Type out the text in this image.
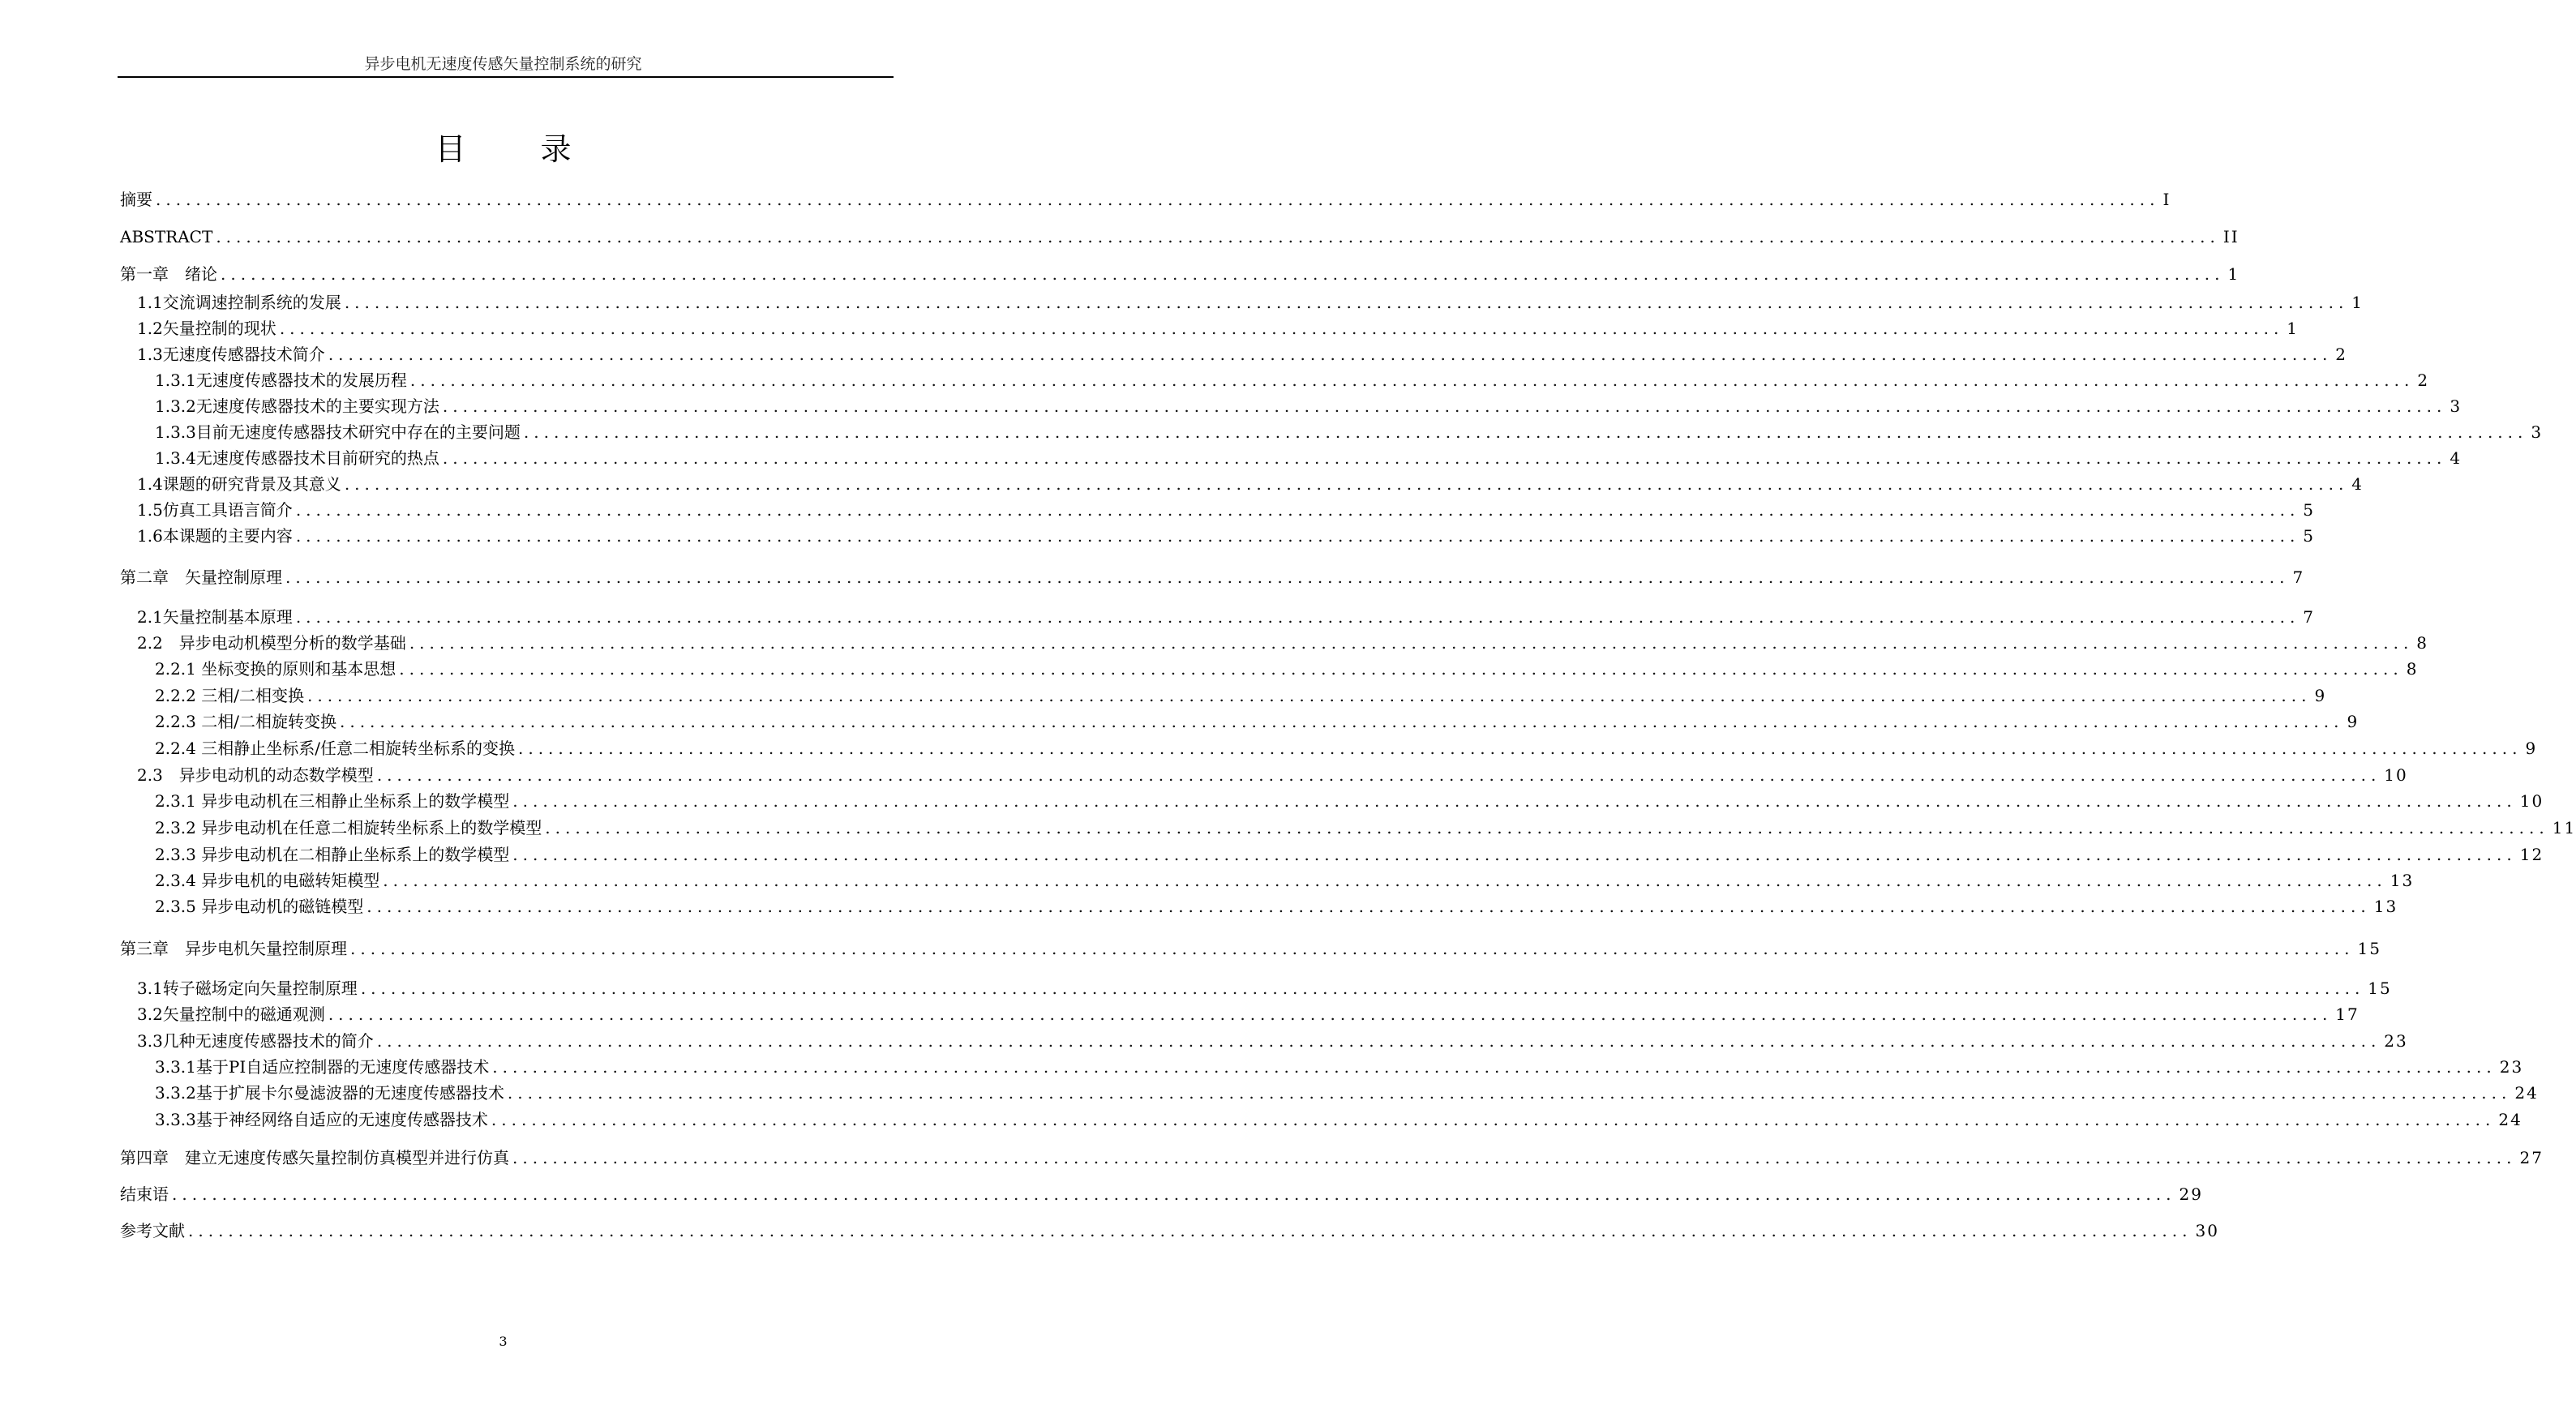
异步电机无速度传感矢量控制系统的研究
目 录
摘要 ........................................................................................................................................................................................................ I
ABSTRACT ........................................................................................................................................................................................................ II
第一章　绪论 ........................................................................................................................................................................................................ 1
1.1交流调速控制系统的发展 ........................................................................................................................................................................................................ 1
1.2矢量控制的现状 ........................................................................................................................................................................................................ 1
1.3无速度传感器技术简介 ........................................................................................................................................................................................................ 2
1.3.1无速度传感器技术的发展历程 ........................................................................................................................................................................................................ 2
1.3.2无速度传感器技术的主要实现方法 ........................................................................................................................................................................................................ 3
1.3.3目前无速度传感器技术研究中存在的主要问题 ........................................................................................................................................................................................................ 3
1.3.4无速度传感器技术目前研究的热点 ........................................................................................................................................................................................................ 4
1.4课题的研究背景及其意义 ........................................................................................................................................................................................................ 4
1.5仿真工具语言简介 ........................................................................................................................................................................................................ 5
1.6本课题的主要内容 ........................................................................................................................................................................................................ 5
第二章　矢量控制原理 ........................................................................................................................................................................................................ 7
2.1矢量控制基本原理 ........................................................................................................................................................................................................ 7
2.2　异步电动机模型分析的数学基础 ........................................................................................................................................................................................................ 8
2.2.1 坐标变换的原则和基本思想 ........................................................................................................................................................................................................ 8
2.2.2 三相/二相变换 ........................................................................................................................................................................................................ 9
2.2.3 二相/二相旋转变换 ........................................................................................................................................................................................................ 9
2.2.4 三相静止坐标系/任意二相旋转坐标系的变换 ........................................................................................................................................................................................................ 9
2.3　异步电动机的动态数学模型 ........................................................................................................................................................................................................ 10
2.3.1 异步电动机在三相静止坐标系上的数学模型 ........................................................................................................................................................................................................ 10
2.3.2 异步电动机在任意二相旋转坐标系上的数学模型 ........................................................................................................................................................................................................ 11
2.3.3 异步电动机在二相静止坐标系上的数学模型 ........................................................................................................................................................................................................ 12
2.3.4 异步电机的电磁转矩模型 ........................................................................................................................................................................................................ 13
2.3.5 异步电动机的磁链模型 ........................................................................................................................................................................................................ 13
第三章　异步电机矢量控制原理 ........................................................................................................................................................................................................ 15
3.1转子磁场定向矢量控制原理 ........................................................................................................................................................................................................ 15
3.2矢量控制中的磁通观测 ........................................................................................................................................................................................................ 17
3.3几种无速度传感器技术的简介 ........................................................................................................................................................................................................ 23
3.3.1基于PI自适应控制器的无速度传感器技术 ........................................................................................................................................................................................................ 23
3.3.2基于扩展卡尔曼滤波器的无速度传感器技术 ........................................................................................................................................................................................................ 24
3.3.3基于神经网络自适应的无速度传感器技术 ........................................................................................................................................................................................................ 24
第四章　建立无速度传感矢量控制仿真模型并进行仿真 ........................................................................................................................................................................................................ 27
结束语 ........................................................................................................................................................................................................ 29
参考文献 ........................................................................................................................................................................................................ 30
3
